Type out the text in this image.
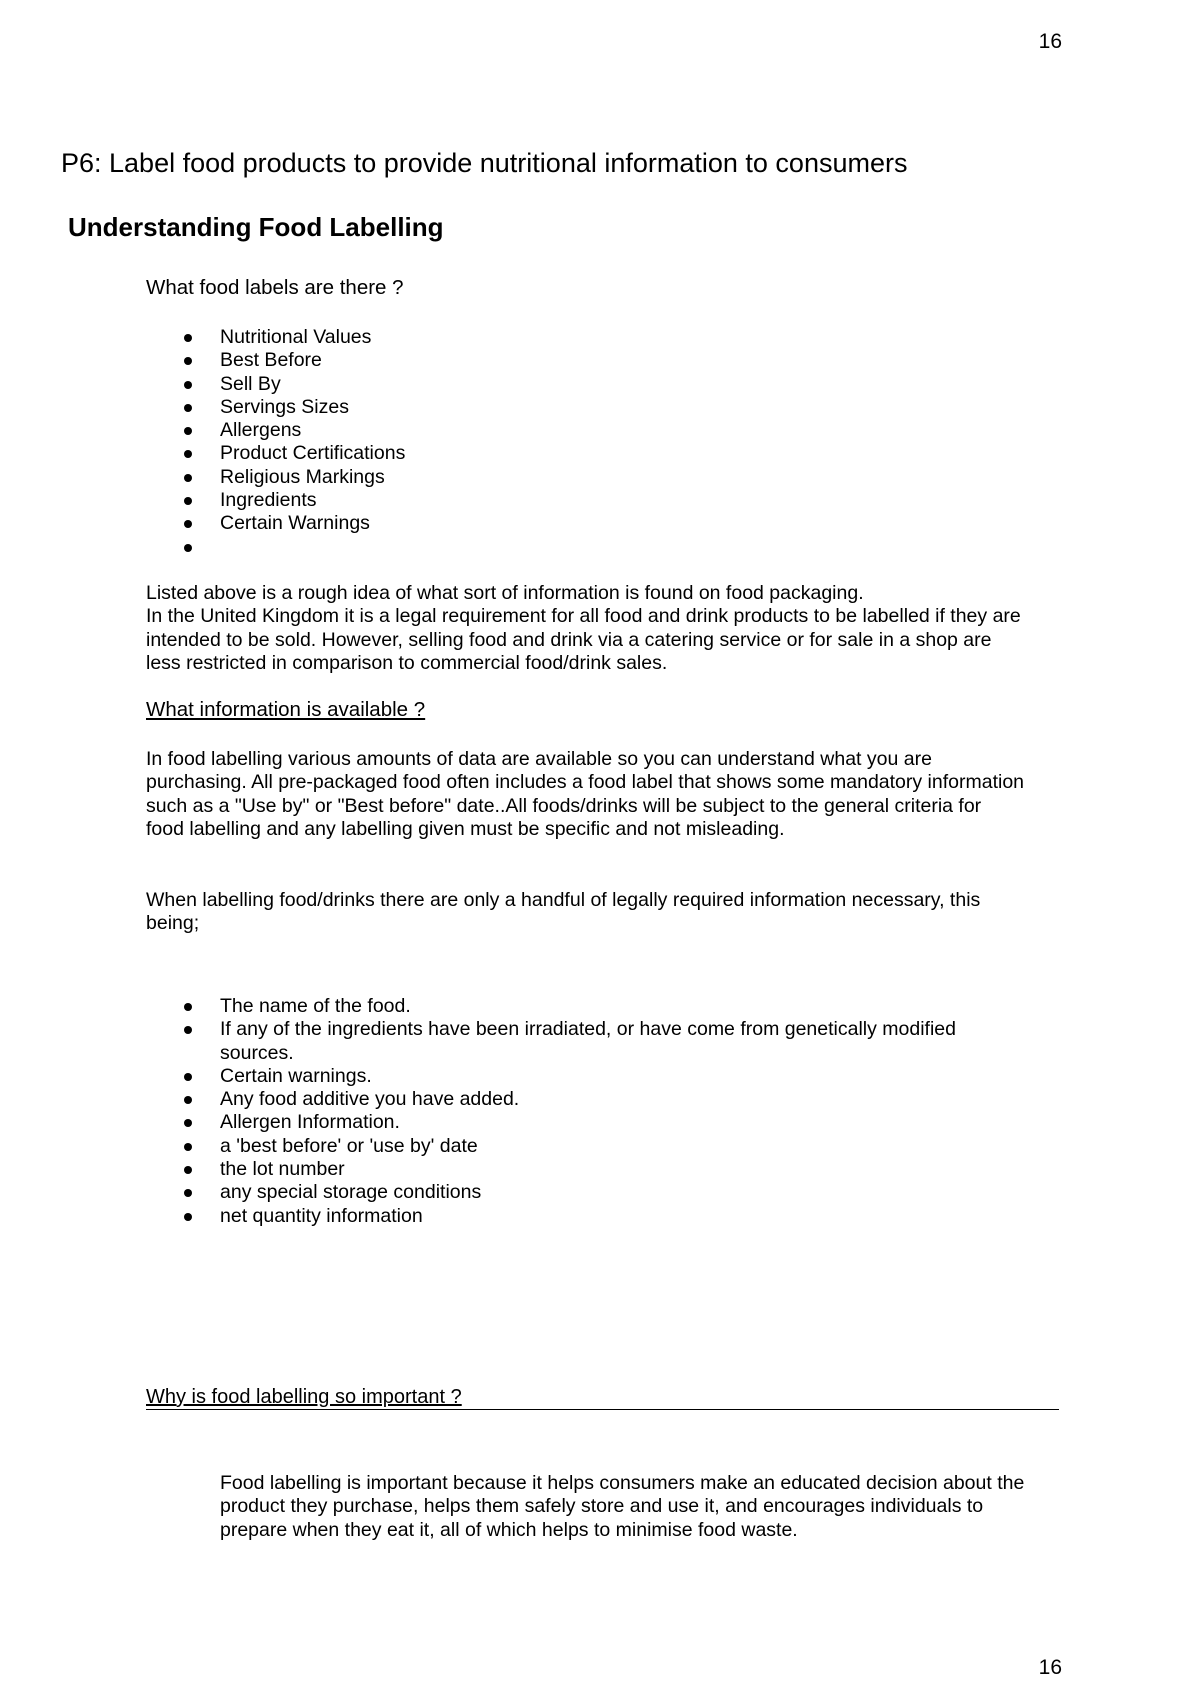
16
P6: Label food products to provide nutritional information to consumers
Understanding Food Labelling
What food labels are there ?
Nutritional Values
Best Before
Sell By
Servings Sizes
Allergens
Product Certifications
Religious Markings
Ingredients
Certain Warnings
Listed above is a rough idea of what sort of information is found on food packaging.
In the United Kingdom it is a legal requirement for all food and drink products to be labelled if they are
intended to be sold. However, selling food and drink via a catering service or for sale in a shop are
less restricted in comparison to commercial food/drink sales.
What information is available ?
In food labelling various amounts of data are available so you can understand what you are
purchasing. All pre-packaged food often includes a food label that shows some mandatory information
such as a "Use by" or "Best before" date..All foods/drinks will be subject to the general criteria for
food labelling and any labelling given must be specific and not misleading.
When labelling food/drinks there are only a handful of legally required information necessary, this
being;
The name of the food.
If any of the ingredients have been irradiated, or have come from genetically modified
sources.
Certain warnings.
Any food additive you have added.
Allergen Information.
a 'best before' or 'use by' date
the lot number
any special storage conditions
net quantity information
Why is food labelling so important ?
Food labelling is important because it helps consumers make an educated decision about the
product they purchase, helps them safely store and use it, and encourages individuals to
prepare when they eat it, all of which helps to minimise food waste.
16
